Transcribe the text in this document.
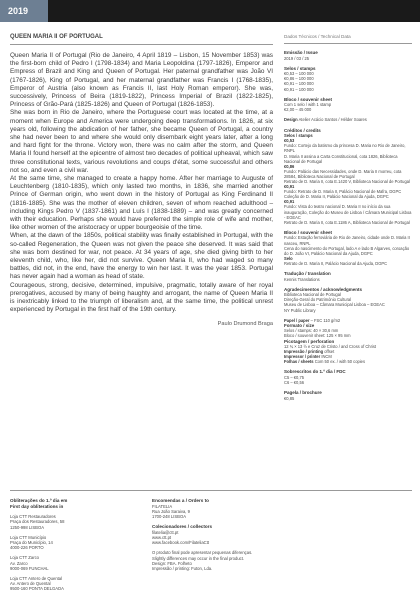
2019
QUEEN MARIA II OF PORTUGAL

Queen Maria II of Portugal (Rio de Janeiro, 4 April 1819 – Lisbon, 15 November 1853) was the first-born child of Pedro I (1798-1834) and Maria Leopoldina (1797-1826), Emperor and Empress of Brazil and King and Queen of Portugal. Her paternal grandfather was João VI (1767-1826), King of Portugal, and her maternal grandfather was Francis I (1768-1835), Emperor of Austria (also known as Francis II, last Holy Roman emperor). She was, successively, Princess of Beira (1819-1822), Princess Imperial of Brazil (1822-1825), Princess of Grão-Pará (1825-1826) and Queen of Portugal (1826-1853).

She was born in Rio de Janeiro, where the Portuguese court was located at the time, at a moment when Europe and America were undergoing deep transformations. In 1826, at six years old, following the abdication of her father, she became Queen of Portugal, a country she had never been to and where she would only disembark eight years later, after a long and hard fight for the throne. Victory won, there was no calm after the storm, and Queen Maria II found herself at the epicentre of almost two decades of political upheaval, which saw three constitutional texts, various revolutions and coups d'état, some successful and others not so, and even a civil war.

At the same time, she managed to create a happy home. After her marriage to Auguste of Leuchtenberg (1810-1835), which only lasted two months, in 1836, she married another Prince of German origin, who went down in the history of Portugal as King Ferdinand II (1816-1885). She was the mother of eleven children, seven of whom reached adulthood – including Kings Pedro V (1837-1861) and Luís I (1838-1889) – and was greatly concerned with their education. Perhaps she would have preferred the simple role of wife and mother, like other women of the aristocracy or upper bourgeoisie of the time.

When, at the dawn of the 1850s, political stability was finally established in Portugal, with the so-called Regeneration, the Queen was not given the peace she deserved. It was said that she was born destined for war, not peace. At 34 years of age, she died giving birth to her eleventh child, who, like her, did not survive. Queen Maria II, who had waged so many battles, did not, in the end, have the energy to win her last. It was the year 1853. Portugal has never again had a woman as head of state.

Courageous, strong, decisive, determined, impulsive, pragmatic, totally aware of her royal prerogatives, accused by many of being haughty and arrogant, the name of Queen Maria II is inextricably linked to the triumph of liberalism and, at the same time, the political unrest experienced by Portugal in the first half of the 19th century.

Paulo Drumond Braga
Dados Técnicos / Technical Data
Emissão / Issue
2019 / 03 / 25
Selos / stamps
€0,53 – 100 000
€0,86 – 100 000
€0,91 – 100 000
€0,91 – 100 000
Bloco / souvenir sheet
Com 1 selo / with 1 stamp
€2,00 – 45 000
Design Atelier Acácio Santos / Hélder Soares
Créditos / credits
Selos / stamps
€0,53
Fundo: Cortejo da batismo da princesa D. Maria no Rio de Janeiro, RNPL
D. Maria II assina a Carta Constitucional, cota 1826, Biblioteca Nacional de Portugal
€0,86
Fundo: Palácio das Necessidades, onde D. Maria II morreu, cota 28584, Biblioteca Nacional de Portugal
Retrato de D. Maria II, cota E.1420 V, Biblioteca Nacional de Portugal
€0,91
Fundo: Retrato de D. Maria II, Palácio Nacional de Mafra, DGPC
Coleção de D. Maria II, Palácio Nacional da Ajuda, DGPC
€0,91
Fundo: Vista do teatro nacional D. Maria II no início da sua inauguração, Coleção do Museu de Lisboa / Câmara Municipal Lisboa - EGEAC
Retrato de D. Maria II, cota E.1186 A, Biblioteca Nacional de Portugal
Bloco / souvenir sheet
Fundo: Estação ferroviária de Rio de Janeiro, cidade onde D. Maria II nasceu, RNPL
Cena do nascimento do Portugal, lado A e lado B Algarves, coroação do D. João VI, Palácio Nacional da Ajuda, DGPC
Selo
Retrato de D. Maria II, Palácio Nacional da Ajuda, DGPC
Tradução / translation
Kennis Translations
Agradecimentos / acknowledgments
Biblioteca Nacional de Portugal
Direção-Geral do Património Cultural
Museu de Lisboa – Câmara Municipal Lisboa – EGEAC
NY Public Library
Papel / paper – FSC 110 g/m2
Formato / size
Selos / stamps: 40 × 30,6 mm
Bloco / souvenir sheet: 125 × 95 mm
Picotagem / perforation
12 ¾ × 13 ½ e Cruz de Cristo / and Cross of Christ
Impressão / printing offset
Impressor / printer INCM
Folhas / sheets Com 50 ex. / with 50 copies
Sobrescritos do 1.º dia / FDC
C5 – €0,75
C6 – €0,56
Pagela / brochure
€0,85
Obliterações do 1.º dia em
First day obliterations in
Loja CTT Restauradores
Praça dos Restauradores, 58
1250-998 LISBOA
Loja CTT Município
Praça do Município, 14
4000-226 PORTO
Loja CTT Zarco
Av. Zarco
9000-069 FUNCHAL
Loja CTT Antero de Quental
Av. Antero de Quental
9500-160 PONTA DELGADA
Encomendas a / Orders to
FILATELIA
Rua João Saraiva, 9
1700-248 LISBOA
Colecionadores / collectors
filatelia@ctt.pt
www.ctt.pt
www.facebook.com/FilateliaCtt
O produto final pode apresentar pequenas diferenças.
Slightly differences may occur in the final product.
Design: FBA. Folheto
Impressão / printing: Futon, Lda.
